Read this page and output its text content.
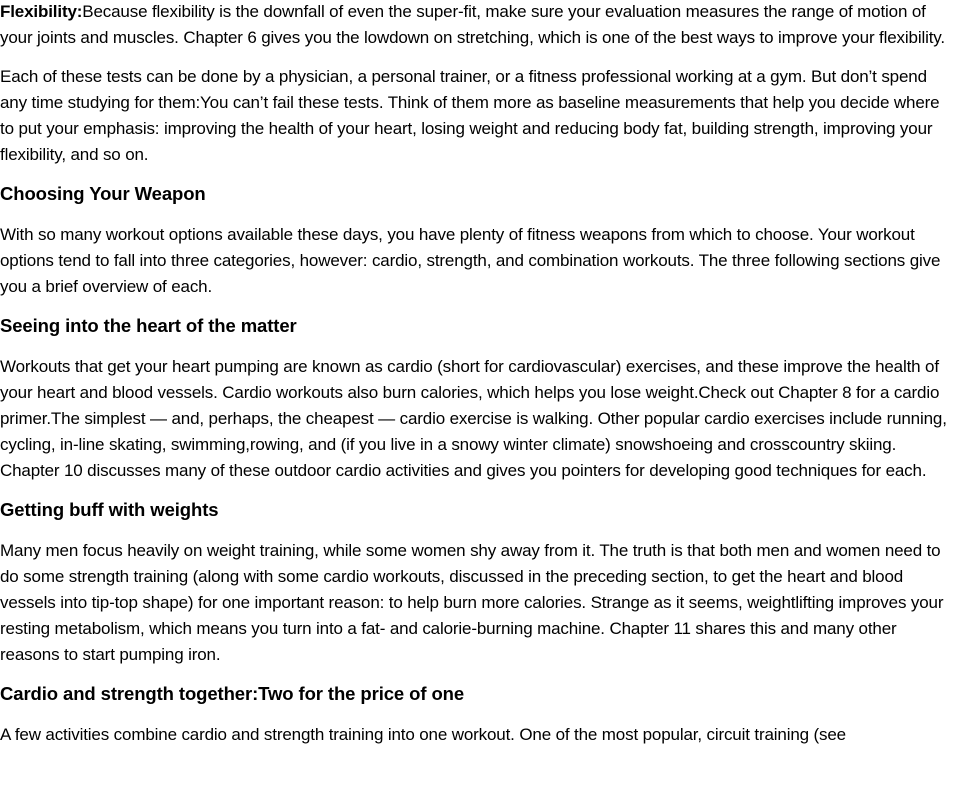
Flexibility:Because flexibility is the downfall of even the super-fit, make sure your evaluation measures the range of motion of your joints and muscles. Chapter 6 gives you the lowdown on stretching, which is one of the best ways to improve your flexibility.

Each of these tests can be done by a physician, a personal trainer, or a fitness professional working at a gym. But don’t spend any time studying for them:You can’t fail these tests. Think of them more as baseline measurements that help you decide where to put your emphasis: improving the health of your heart, losing weight and reducing body fat, building strength, improving your flexibility, and so on.

Choosing Your Weapon

With so many workout options available these days, you have plenty of fitness weapons from which to choose. Your workout options tend to fall into three categories, however: cardio, strength, and combination workouts. The three following sections give you a brief overview of each.

Seeing into the heart of the matter

Workouts that get your heart pumping are known as cardio (short for cardiovascular) exercises, and these improve the health of your heart and blood vessels. Cardio workouts also burn calories, which helps you lose weight.Check out Chapter 8 for a cardio primer.The simplest — and, perhaps, the cheapest — cardio exercise is walking. Other popular cardio exercises include running, cycling, in-line skating, swimming,rowing, and (if you live in a snowy winter climate) snowshoeing and crosscountry skiing. Chapter 10 discusses many of these outdoor cardio activities and gives you pointers for developing good techniques for each.

Getting buff with weights

Many men focus heavily on weight training, while some women shy away from it. The truth is that both men and women need to do some strength training (along with some cardio workouts, discussed in the preceding section, to get the heart and blood vessels into tip-top shape) for one important reason: to help burn more calories. Strange as it seems, weightlifting improves your resting metabolism, which means you turn into a fat- and calorie-burning machine. Chapter 11 shares this and many other reasons to start pumping iron.

Cardio and strength together:Two for the price of one

A few activities combine cardio and strength training into one workout. One of the most popular, circuit training (see
